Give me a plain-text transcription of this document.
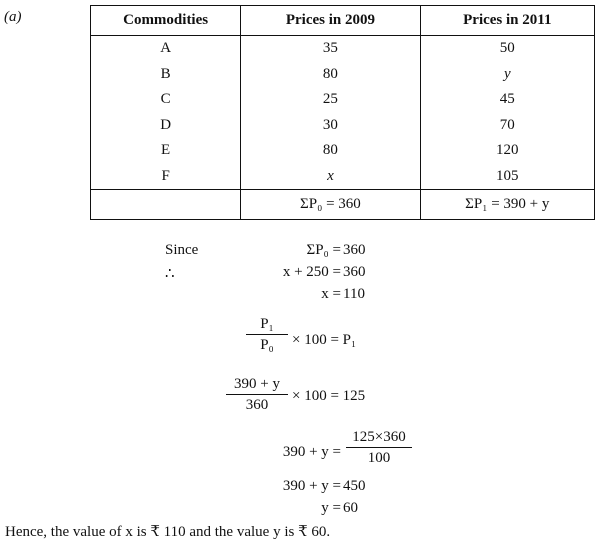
(a)	Commodities	Prices in 2009	Prices in 2011
A	35	50
B	80	y
C	25	45
D	30	70
E	80	120
F	x	105
	ΣP₀ = 360	ΣP₁ = 390 + y
Since
∴
ΣP₀ = 360
x + 250 = 360
x = 110
$\frac{\text{P₁}}{\text{P₀}} \times 100 = P_1$
$\frac{390 + y}{360} \times 100 = 125$
$390 + y = \frac{125\times 360}{100}$
390 + y = 450
y = 60
Hence, the value of x is ₹ 110 and the value y is ₹ 60.
